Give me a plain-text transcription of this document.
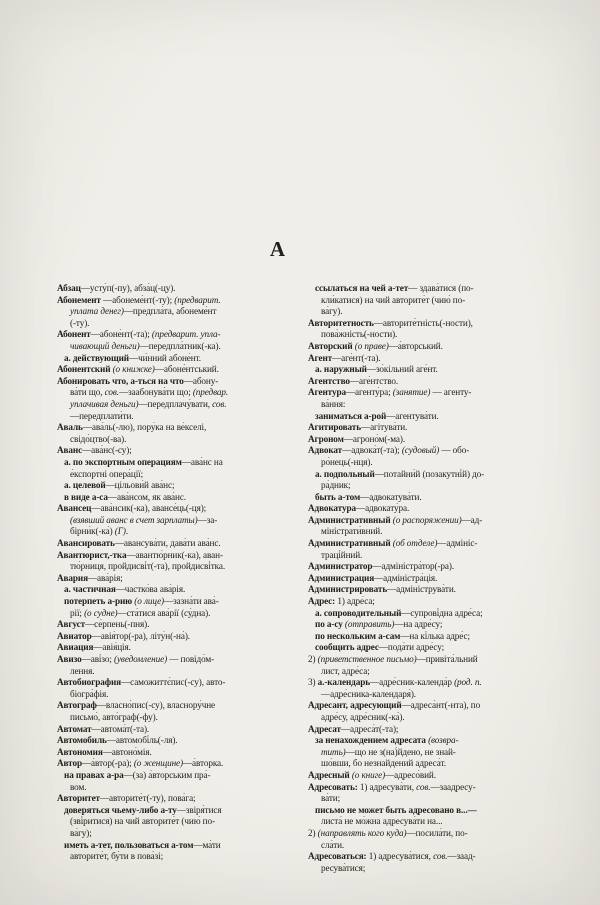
А
Абзац—усту́п(-пу), абза́ц(-цу).
Абонемент —абонеме́нт(-ту); (предварит.
уплата денег)—предпла́та, абонеме́нт
(-ту).
Абонент—абоне́нт(-та); (предварит. упла-
чивающий деньги)—передпла́тник(-ка).
а. действующий—чи́нний абоне́нт.
Абонентский (о книжке)—абоне́нтський.
Абонировать что, а-ться на что—абону-
ва́ти що, сов.—заабонува́ти що; (предвар.
уплачивая деньги)—передплачу́вати, сов.
—передплати́ти.
Аваль—ава́ль(-лю), пору́ка на ве́кселі,
свідо́цтво(-ва).
Аванс—ава́нс(-су);
а. по экспортным операциям—ава́нс на
е́кспортні опера́ції;
а. целевой—цільови́й ава́нс;
в виде а-са—ава́нсом, як ава́нс.
Авансец—ава́нсик(-ка), авансе́ць(-ця);
(взявший аванс в счет зарплаты)—за-
бірни́к(-ка́) (Г).
Авансировать—авансува́ти, дава́ти ава́нс.
Авантюрист,-тка—авантю́рник(-ка), аван-
тю́рниця, пройдисві́т(-та), пройдисві́тка.
Авария—ава́рія;
а. частичная—частко́ва ава́рія.
потерпеть а-рию (о лице)—зазна́ти ава́-
рії; (о судне)—ста́тися ава́рії (су́дна).
Август—се́рпень(-пня).
Авиатор—авія́тор(-ра), літу́н(-на́).
Авиация—авія́ція.
Авизо—аві́зо; (уведомление) — повідо́м-
лення.
Автобиография—саможиттє́пис(-су), авто-
біогра́фія.
Автограф—власно́пис(-су), власнору́чне
письмо́, авто́граф(-фу).
Автомат—автома́т(-та).
Автомобиль—автомобі́ль(-ля).
Автономия—автоно́мія.
Автор—а́втор(-ра); (о женщине)—а́вторка.
на правах а-ра—(за) а́вторським пра́-
вом.
Авторитет—авторите́т(-ту), пова́га;
доверяться чьему-либо а-ту—звіря́тися
(зві́ритися) на чий авторите́т (чию́ по-
ва́гу);
иметь а-тет, пользоваться а-том—ма́ти
авторите́т, бу́ти в пова́зі;
ссылаться на чей а-тет— здава́тися (по-
кли́катися) на чий авторите́т (чию́ по-
ва́гу).
Авторитетность—авторите́тність(-ности),
пова́жність(-ности).
Авторский (о праве)—а́вторський.
Агент—аге́нт(-та).
а. наружный—зо́кільний аге́нт.
Агентство—аге́нтство.
Агентура—агенту́ра; (занятие) — агенту-
ва́ння:
заниматься а-рой—агентува́ти.
Агитировать—агітува́ти.
Агроном—агроно́м(-ма).
Адвокат—адвока́т(-та); (судовый) — обо-
ро́нець(-нця).
а. подпольный—потайни́й (позакутні́й) до-
ра́дник;
быть а-том—адвокатува́ти.
Адвокатура—адвокату́ра.
Административный (о распоряжении)—ад-
міністрати́вний.
Административный (об отделе)—адмініс-
траці́йний.
Администратор—адміністра́тор(-ра).
Администрация—адміністра́ція.
Администрировать—адмініструва́ти.
Адрес: 1) адре́са;
а. сопроводительный—супрові́дна адре́са;
по а-су (отправить)—на адре́су;
по нескольким а-сам—на кі́лька адре́с;
сообщить адрес—пода́ти адре́су;
2) (приветственное письмо)—привіта́льний
лист, адре́са;
3) а.-календарь—адре́сник-календа́р (род. п.
—адре́сника-календаря́).
Адресант, адресующий—адреса́нт(-нта), по
адре́су, адре́сник(-ка́).
Адресат—адреса́т(-та);
за ненахождением адресата (возвра-
тить)—що не з(на)́йдено, не знай-
шо́вши, бо незнайдений адреса́т.
Адресный (о книге)—адресо́вий.
Адресовать: 1) адресува́ти, сов.—заадресу-
ва́ти;
письмо не может быть адресовано в...—
листа́ не мо́жна адресува́ти на...
2) (направлять кого куда)—посила́ти, по-
сла́ти.
Адресоваться: 1) адресува́тися, сов.—заад-
ресува́тися;
